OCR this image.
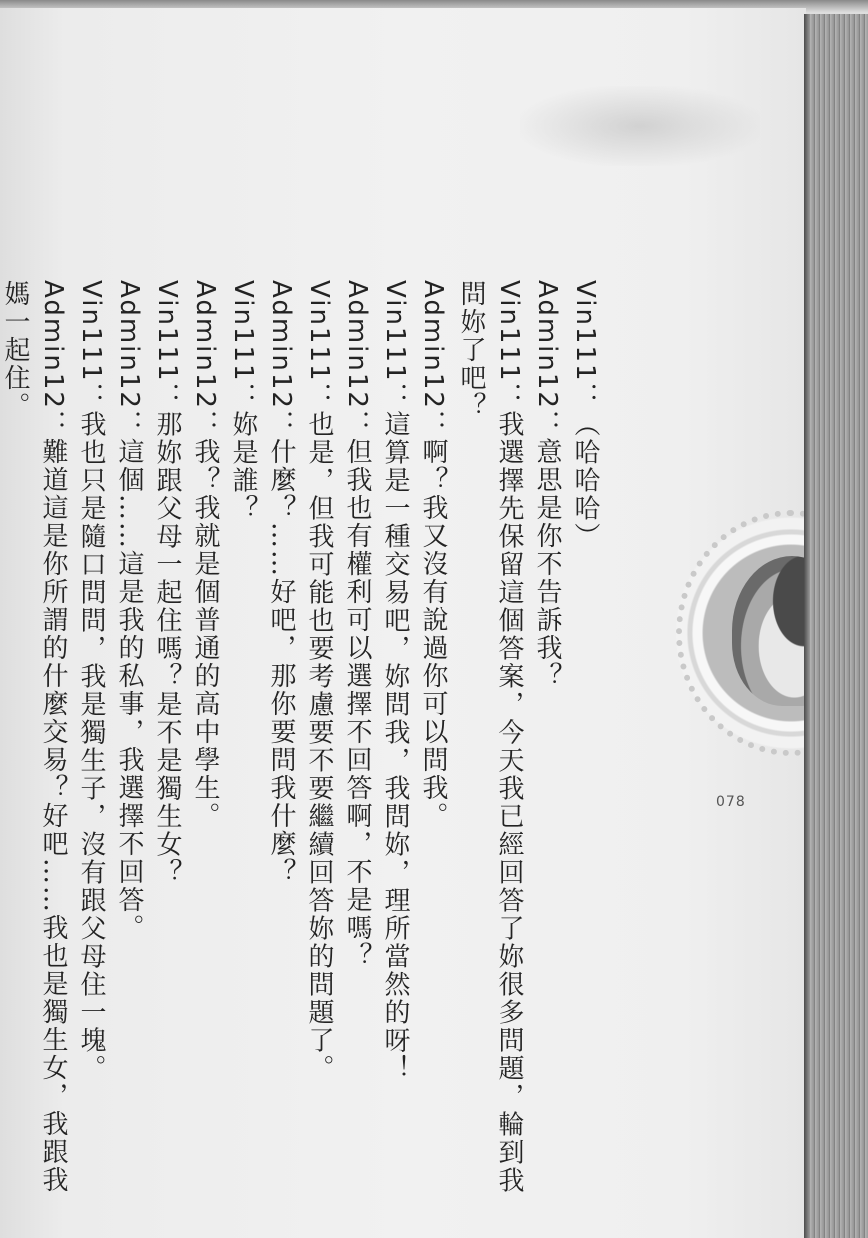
Vin111：（哈哈哈）

Admin12：意思是你不告訴我？

Vin111：我選擇先保留這個答案，今天我已經回答了妳很多問題，輪到我

問妳了吧？

Admin12：啊？我又沒有說過你可以問我。

Vin111：這算是一種交易吧，妳問我，我問妳，理所當然的呀！

Admin12：但我也有權利可以選擇不回答啊，不是嗎？

Vin111：也是，但我可能也要考慮要不要繼續回答妳的問題了。

Admin12：什麼？……好吧，那你要問我什麼？

Vin111：妳是誰？

Admin12：我？我就是個普通的高中學生。

Vin111：那妳跟父母一起住嗎？是不是獨生女？

Admin12：這個……這是我的私事，我選擇不回答。

Vin111：我也只是隨口問問，我是獨生子，沒有跟父母住一塊。

Admin12：難道這是你所謂的什麼交易？好吧……我也是獨生女，我跟我

媽一起住。

078
